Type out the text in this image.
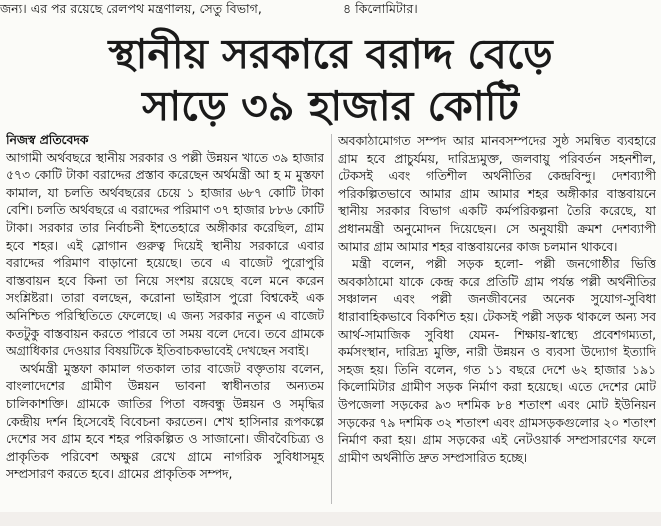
জন্য। এর পর রয়েছে রেলপথ মন্ত্রণালয়, সেতু বিভাগ,	৪ কিলোমিটার।
স্থানীয় সরকারে বরাদ্দ বেড়ে
সাড়ে ৩৯ হাজার কোটি

নিজস্ব প্রতিবেদক

আগামী অর্থবছরে স্থানীয় সরকার ও পল্লী উন্নয়ন খাতে ৩৯ হাজার ৫৭৩ কোটি টাকা বরাদ্দের প্রস্তাব করেছেন অর্থমন্ত্রী আ হ ম মুস্তফা কামাল, যা চলতি অর্থবছরের চেয়ে ১ হাজার ৬৮৭ কোটি টাকা বেশি। চলতি অর্থবছরে এ বরাদ্দের পরিমাণ ৩৭ হাজার ৮৮৬ কোটি টাকা। সরকার তার নির্বাচনী ইশতেহারে অঙ্গীকার করেছিল, গ্রাম হবে শহর। এই স্লোগান গুরুত্ব দিয়েই স্থানীয় সরকারে এবার বরাদ্দের পরিমাণ বাড়ানো হয়েছে। তবে এ বাজেট পুরোপুরি বাস্তবায়ন হবে কিনা তা নিয়ে সংশয় রয়েছে বলে মনে করেন সংশ্লিষ্টরা। তারা বলছেন, করোনা ভাইরাস পুরো বিশ্বকেই এক অনিশ্চিত পরিস্থিতিতে ফেলেছে। এ জন্য সরকার নতুন এ বাজেট কতটুকু বাস্তবায়ন করতে পারবে তা সময় বলে দেবে। তবে গ্রামকে অগ্রাধিকার দেওয়ার বিষয়টিকে ইতিবাচকভাবেই দেখছেন সবাই।

অর্থমন্ত্রী মুস্তফা কামাল গতকাল তার বাজেট বক্তৃতায় বলেন, বাংলাদেশের গ্রামীণ উন্নয়ন ভাবনা স্বাধীনতার অন্যতম চালিকাশক্তি। গ্রামকে জাতির পিতা বঙ্গবন্ধু উন্নয়ন ও সমৃদ্ধির কেন্দ্রীয় দর্শন হিসেবেই বিবেচনা করতেন। শেখ হাসিনার রূপকল্পে দেশের সব গ্রাম হবে শহর পরিকল্পিত ও সাজানো। জীববৈচিত্র্য ও প্রাকৃতিক পরিবেশ অক্ষুণ্ণ রেখে গ্রামে নাগরিক সুবিধাসমূহ সম্প্রসারণ করতে হবে। গ্রামের প্রাকৃতিক সম্পদ,

অবকাঠামোগত সম্পদ আর মানবসম্পদের সুষ্ঠ সমন্বিত ব্যবহারে গ্রাম হবে প্রাচুর্যময়, দারিদ্র্যমুক্ত, জলবায়ু পরিবর্তন সহনশীল, টেকসই এবং গতিশীল অর্থনীতির কেন্দ্রবিন্দু। দেশব্যাপী পরিকল্পিতভাবে আমার গ্রাম আমার শহর অঙ্গীকার বাস্তবায়নে স্থানীয় সরকার বিভাগ একটি কর্মপরিকল্পনা তৈরি করেছে, যা প্রধানমন্ত্রী অনুমোদন দিয়েছেন। সে অনুযায়ী ক্রমশ দেশব্যাপী আমার গ্রাম আমার শহর বাস্তবায়নের কাজ চলমান থাকবে।

মন্ত্রী বলেন, পল্লী সড়ক হলো- পল্লী জনগোষ্ঠীর ভিত্তি অবকাঠামো যাকে কেন্দ্র করে প্রতিটি গ্রাম পর্যন্ত পল্লী অর্থনীতির সঞ্চালন এবং পল্লী জনজীবনের অনেক সুযোগ-সুবিধা ধারাবাহিকভাবে বিকশিত হয়। টেকসই পল্লী সড়ক থাকলে অন্য সব আর্থ-সামাজিক সুবিধা যেমন- শিক্ষায়-স্বাস্থ্যে প্রবেশগম্যতা, কর্মসংস্থান, দারিদ্র্য মুক্তি, নারী উন্নয়ন ও ব্যবসা উদ্যোগ ইত্যাদি সহজ হয়। তিনি বলেন, গত ১১ বছরে দেশে ৬২ হাজার ১৯১ কিলোমিটার গ্রামীণ সড়ক নির্মাণ করা হয়েছে। এতে দেশের মোট উপজেলা সড়কের ৯৩ দশমিক ৮৪ শতাংশ এবং মোট ইউনিয়ন সড়কের ৭৯ দশমিক ৩২ শতাংশ এবং গ্রামসড়কগুলোর ২০ শতাংশ নির্মাণ করা হয়। গ্রাম সড়কের এই নেটওয়ার্ক সম্প্রসারণের ফলে গ্রামীণ অর্থনীতি দ্রুত সম্প্রসারিত হচ্ছে।
